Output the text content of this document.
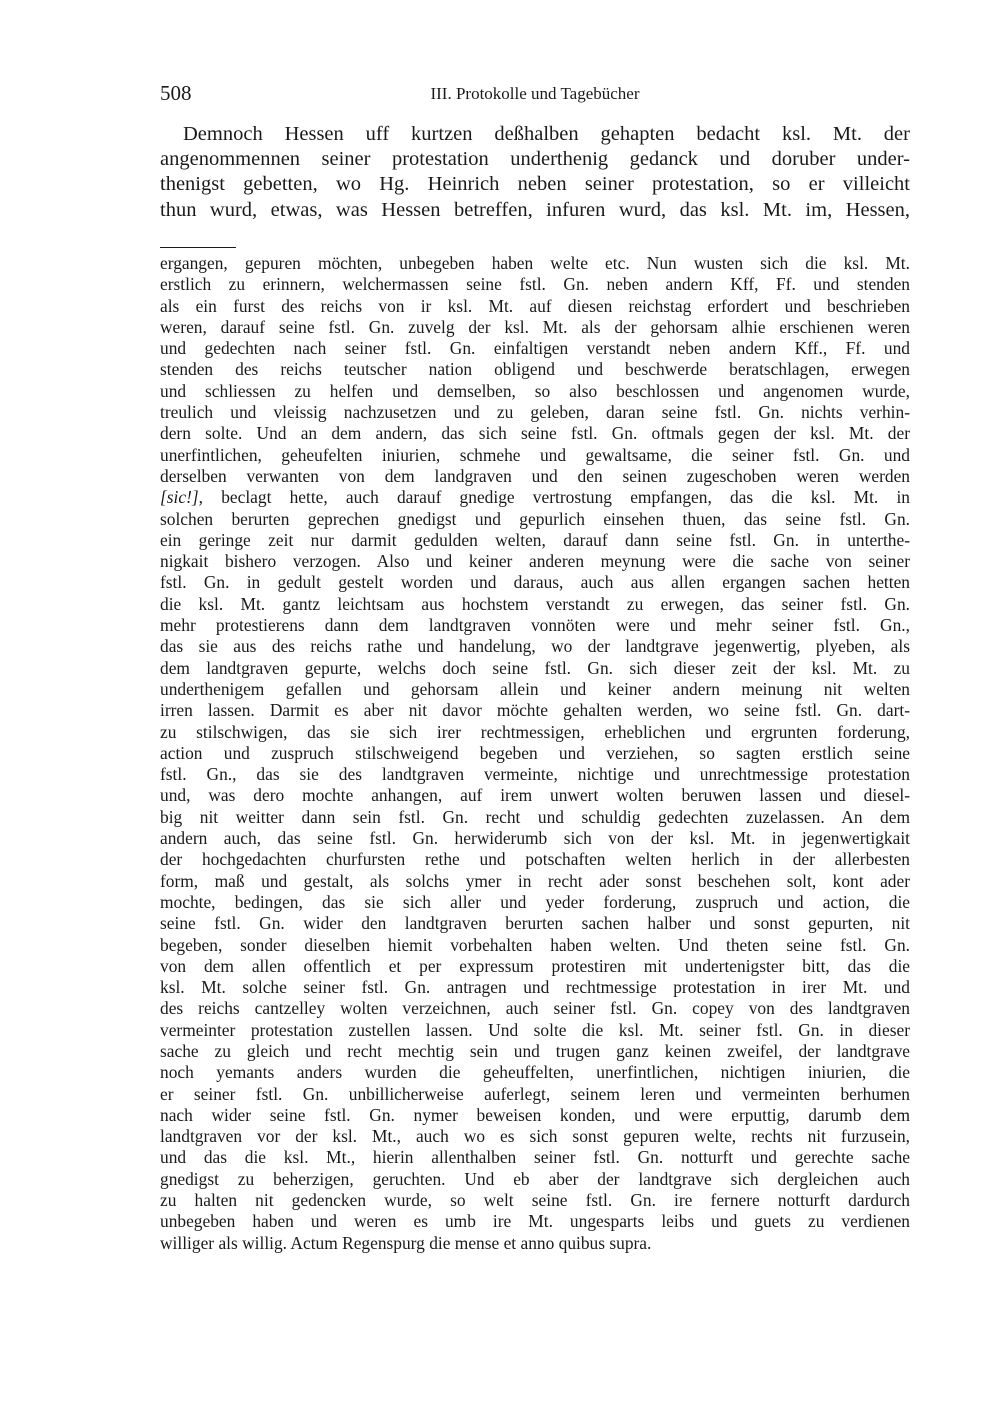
508	III. Protokolle und Tagebücher
Demnoch Hessen uff kurtzen deßhalben gehapten bedacht ksl. Mt. der
angenommennen seiner protestation underthenig gedanck und doruber under-
thenigst gebetten, wo Hg. Heinrich neben seiner protestation, so er villeicht
thun wurd, etwas, was Hessen betreffen, infuren wurd, das ksl. Mt. im, Hessen,
ergangen, gepuren möchten, unbegeben haben welte etc. Nun wusten sich die ksl. Mt.
erstlich zu erinnern, welchermassen seine fstl. Gn. neben andern Kff, Ff. und stenden
als ein furst des reichs von ir ksl. Mt. auf diesen reichstag erfordert und beschrieben
weren, darauf seine fstl. Gn. zuvelg der ksl. Mt. als der gehorsam alhie erschienen weren
und gedechten nach seiner fstl. Gn. einfaltigen verstandt neben andern Kff., Ff. und
stenden des reichs teutscher nation obligend und beschwerde beratschlagen, erwegen
und schliessen zu helfen und demselben, so also beschlossen und angenomen wurde,
treulich und vleissig nachzusetzen und zu geleben, daran seine fstl. Gn. nichts verhin-
dern solte. Und an dem andern, das sich seine fstl. Gn. oftmals gegen der ksl. Mt. der
unerfintlichen, geheufelten iniurien, schmehe und gewaltsame, die seiner fstl. Gn. und
derselben verwanten von dem landgraven und den seinen zugeschoben weren werden
[sic!], beclagt hette, auch darauf gnedige vertrostung empfangen, das die ksl. Mt. in
solchen berurten geprechen gnedigst und gepurlich einsehen thuen, das seine fstl. Gn.
ein geringe zeit nur darmit gedulden welten, darauf dann seine fstl. Gn. in unterthe-
nigkait bishero verzogen. Also und keiner anderen meynung were die sache von seiner
fstl. Gn. in gedult gestelt worden und daraus, auch aus allen ergangen sachen hetten
die ksl. Mt. gantz leichtsam aus hochstem verstandt zu erwegen, das seiner fstl. Gn.
mehr protestierens dann dem landtgraven vonnöten were und mehr seiner fstl. Gn.,
das sie aus des reichs rathe und handelung, wo der landtgrave jegenwertig, plyeben, als
dem landtgraven gepurte, welchs doch seine fstl. Gn. sich dieser zeit der ksl. Mt. zu
underthenigem gefallen und gehorsam allein und keiner andern meinung nit welten
irren lassen. Darmit es aber nit davor möchte gehalten werden, wo seine fstl. Gn. dart-
zu stilschwigen, das sie sich irer rechtmessigen, erheblichen und ergrunten forderung,
action und zuspruch stilschweigend begeben und verziehen, so sagten erstlich seine
fstl. Gn., das sie des landtgraven vermeinte, nichtige und unrechtmessige protestation
und, was dero mochte anhangen, auf irem unwert wolten beruwen lassen und diesel-
big nit weitter dann sein fstl. Gn. recht und schuldig gedechten zuzelassen. An dem
andern auch, das seine fstl. Gn. herwiderumb sich von der ksl. Mt. in jegenwertigkait
der hochgedachten churfursten rethe und potschaften welten herlich in der allerbesten
form, maß und gestalt, als solchs ymer in recht ader sonst beschehen solt, kont ader
mochte, bedingen, das sie sich aller und yeder forderung, zuspruch und action, die
seine fstl. Gn. wider den landtgraven berurten sachen halber und sonst gepurten, nit
begeben, sonder dieselben hiemit vorbehalten haben welten. Und theten seine fstl. Gn.
von dem allen offentlich et per expressum protestiren mit undertenigster bitt, das die
ksl. Mt. solche seiner fstl. Gn. antragen und rechtmessige protestation in irer Mt. und
des reichs cantzelley wolten verzeichnen, auch seiner fstl. Gn. copey von des landtgraven
vermeinter protestation zustellen lassen. Und solte die ksl. Mt. seiner fstl. Gn. in dieser
sache zu gleich und recht mechtig sein und trugen ganz keinen zweifel, der landtgrave
noch yemants anders wurden die geheuffelten, unerfintlichen, nichtigen iniurien, die
er seiner fstl. Gn. unbillicherweise auferlegt, seinem leren und vermeinten berhumen
nach wider seine fstl. Gn. nymer beweisen konden, und were erputtig, darumb dem
landtgraven vor der ksl. Mt., auch wo es sich sonst gepuren welte, rechts nit furzusein,
und das die ksl. Mt., hierin allenthalben seiner fstl. Gn. notturft und gerechte sache
gnedigst zu beherzigen, geruchten. Und eb aber der landtgrave sich dergleichen auch
zu halten nit gedencken wurde, so welt seine fstl. Gn. ire fernere notturft dardurch
unbegeben haben und weren es umb ire Mt. ungesparts leibs und guets zu verdienen
williger als willig. Actum Regenspurg die mense et anno quibus supra.
